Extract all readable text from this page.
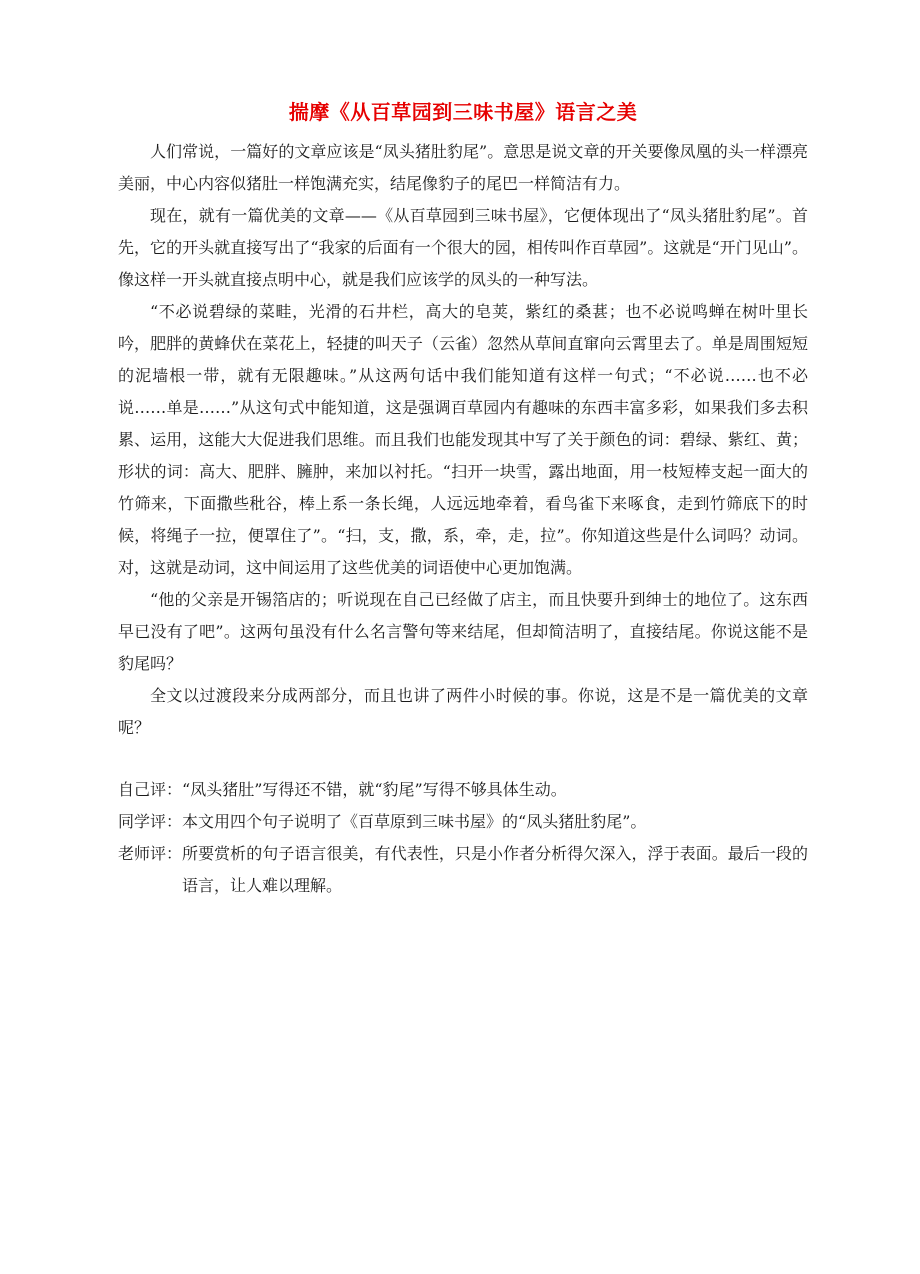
揣摩《从百草园到三味书屋》语言之美

人们常说，一篇好的文章应该是“凤头猪肚豹尾”。意思是说文章的开关要像凤凰的头一样漂亮美丽，中心内容似猪肚一样饱满充实，结尾像豹子的尾巴一样简洁有力。

现在，就有一篇优美的文章——《从百草园到三味书屋》，它便体现出了“凤头猪肚豹尾”。首先，它的开头就直接写出了“我家的后面有一个很大的园，相传叫作百草园”。这就是“开门见山”。像这样一开头就直接点明中心，就是我们应该学的凤头的一种写法。

“不必说碧绿的菜畦，光滑的石井栏，高大的皂荚，紫红的桑葚；也不必说鸣蝉在树叶里长吟，肥胖的黄蜂伏在菜花上，轻捷的叫天子（云雀）忽然从草间直窜向云霄里去了。单是周围短短的泥墙根一带，就有无限趣味。”从这两句话中我们能知道有这样一句式；“不必说……也不必说……单是……”从这句式中能知道，这是强调百草园内有趣味的东西丰富多彩，如果我们多去积累、运用，这能大大促进我们思维。而且我们也能发现其中写了关于颜色的词：碧绿、紫红、黄；形状的词：高大、肥胖、臃肿，来加以衬托。“扫开一块雪，露出地面，用一枝短棒支起一面大的竹筛来，下面撒些秕谷，棒上系一条长绳，人远远地牵着，看鸟雀下来啄食，走到竹筛底下的时候，将绳子一拉，便罩住了”。“扫，支，撒，系，牵，走，拉”。你知道这些是什么词吗？动词。对，这就是动词，这中间运用了这些优美的词语使中心更加饱满。

“他的父亲是开锡箔店的；听说现在自己已经做了店主，而且快要升到绅士的地位了。这东西早已没有了吧”。这两句虽没有什么名言警句等来结尾，但却简洁明了，直接结尾。你说这能不是豹尾吗？

全文以过渡段来分成两部分，而且也讲了两件小时候的事。你说，这是不是一篇优美的文章呢？

自己评： “凤头猪肚”写得还不错，就“豹尾”写得不够具体生动。
同学评： 本文用四个句子说明了《百草原到三味书屋》的“凤头猪肚豹尾”。
老师评： 所要赏析的句子语言很美，有代表性，只是小作者分析得欠深入，浮于表面。最后一段的语言，让人难以理解。
